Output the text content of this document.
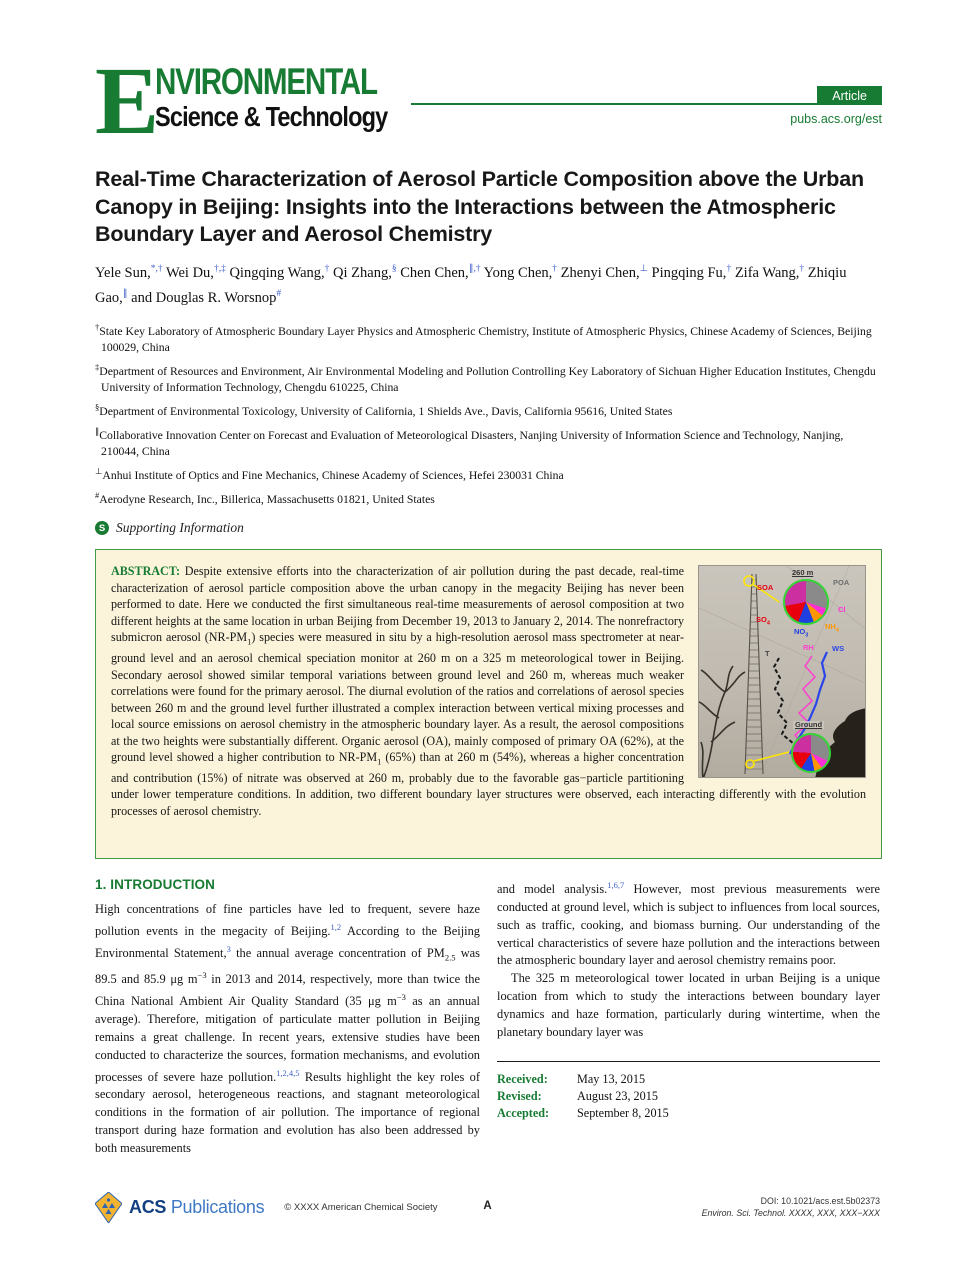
E
NVIRONMENTAL
Science & Technology
Article
pubs.acs.org/est
Real-Time Characterization of Aerosol Particle Composition above the Urban Canopy in Beijing: Insights into the Interactions between the Atmospheric Boundary Layer and Aerosol Chemistry
Yele Sun,*,† Wei Du,†,‡ Qingqing Wang,† Qi Zhang,§ Chen Chen,∥,† Yong Chen,† Zhenyi Chen,⊥ Pingqing Fu,† Zifa Wang,† Zhiqiu Gao,∥ and Douglas R. Worsnop#
†State Key Laboratory of Atmospheric Boundary Layer Physics and Atmospheric Chemistry, Institute of Atmospheric Physics, Chinese Academy of Sciences, Beijing 100029, China
‡Department of Resources and Environment, Air Environmental Modeling and Pollution Controlling Key Laboratory of Sichuan Higher Education Institutes, Chengdu University of Information Technology, Chengdu 610225, China
§Department of Environmental Toxicology, University of California, 1 Shields Ave., Davis, California 95616, United States
∥Collaborative Innovation Center on Forecast and Evaluation of Meteorological Disasters, Nanjing University of Information Science and Technology, Nanjing, 210044, China
⊥Anhui Institute of Optics and Fine Mechanics, Chinese Academy of Sciences, Hefei 230031 China
#Aerodyne Research, Inc., Billerica, Massachusetts 01821, United States
S Supporting Information
260 m
SOA
POA
Cl
$SO_4$
$NO_3$
$NH_4$
T
RH WS
Ground
ABSTRACT: Despite extensive efforts into the characterization of air pollution during the past decade, real-time characterization of aerosol particle composition above the urban canopy in the megacity Beijing has never been performed to date. Here we conducted the first simultaneous real-time measurements of aerosol composition at two different heights at the same location in urban Beijing from December 19, 2013 to January 2, 2014. The nonrefractory submicron aerosol $(NR-PM_1)$ species were measured in situ by a high-resolution aerosol mass spectrometer at near-ground level and an aerosol chemical speciation monitor at 260 m on a 325 m meteorological tower in Beijing. Secondary aerosol showed similar temporal variations between ground level and 260 m, whereas much weaker correlations were found for the primary aerosol. The diurnal evolution of the ratios and correlations of aerosol species between 260 m and the ground level further illustrated a complex interaction between vertical mixing processes and local source emissions on aerosol chemistry in the atmospheric boundary layer. As a result, the aerosol compositions at the two heights were substantially different. Organic aerosol (OA), mainly composed of primary OA (62%), at the ground level showed a higher contribution to $NR-PM_1$ (65%) than at 260 m (54%), whereas a higher concentration and contribution (15%) of nitrate was observed at 260 m, probably due to the favorable gas−particle partitioning under lower temperature conditions. In addition, two different boundary layer structures were observed, each interacting differently with the evolution processes of aerosol chemistry.
1. INTRODUCTION
High concentrations of fine particles have led to frequent, severe haze pollution events in the megacity of Beijing.$^{1,2}$ According to the Beijing Environmental Statement,$^3$ the annual average concentration of $PM_{2.5}$ was 89.5 and 85.9 μg $m^{-3}$ in 2013 and 2014, respectively, more than twice the China National Ambient Air Quality Standard (35 μg $m^{-3}$ as an annual average). Therefore, mitigation of particulate matter pollution in Beijing remains a great challenge. In recent years, extensive studies have been conducted to characterize the sources, formation mechanisms, and evolution processes of severe haze pollution.$^{1,2,4,5}$ Results highlight the key roles of secondary aerosol, heterogeneous reactions, and stagnant meteorological conditions in the formation of air pollution. The importance of regional transport during haze formation and evolution has also been addressed by both measurements
and model analysis.$^{1,6,7}$ However, most previous measurements were conducted at ground level, which is subject to influences from local sources, such as traffic, cooking, and biomass burning. Our understanding of the vertical characteristics of severe haze pollution and the interactions between the atmospheric boundary layer and aerosol chemistry remains poor.
The 325 m meteorological tower located in urban Beijing is a unique location from which to study the interactions between boundary layer dynamics and haze formation, particularly during wintertime, when the planetary boundary layer was
Received:	May 13, 2015
Revised:	August 23, 2015
Accepted:	September 8, 2015
ACS Publications © XXXX American Chemical Society	A	DOI: 10.1021/acs.est.5b02373
Environ. Sci. Technol. XXXX, XXX, XXX−XXX
